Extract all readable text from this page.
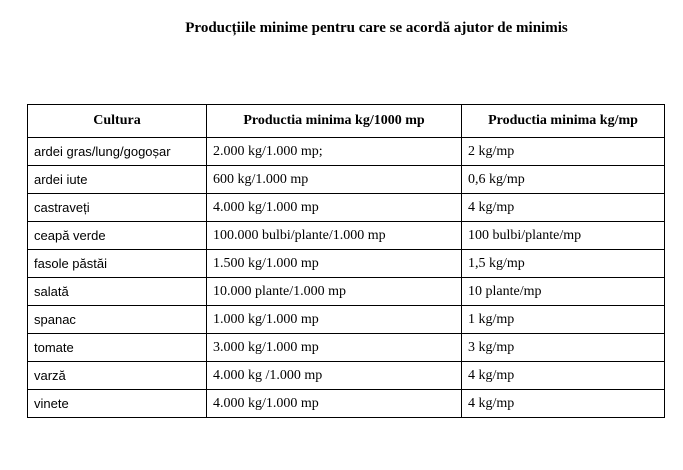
Producțiile minime pentru care se acordă ajutor de minimis
Cultura	Productia minima kg/1000 mp	Productia minima kg/mp
ardei gras/lung/gogoșar	2.000 kg/1.000 mp;	2 kg/mp
ardei iute	600 kg/1.000 mp	0,6 kg/mp
castraveți	4.000 kg/1.000 mp	4 kg/mp
ceapă verde	100.000 bulbi/plante/1.000 mp	100 bulbi/plante/mp
fasole păstăi	1.500 kg/1.000 mp	1,5 kg/mp
salată	10.000 plante/1.000 mp	10 plante/mp
spanac	1.000 kg/1.000 mp	1 kg/mp
tomate	3.000 kg/1.000 mp	3 kg/mp
varză	4.000 kg /1.000 mp	4 kg/mp
vinete	4.000 kg/1.000 mp	4 kg/mp
